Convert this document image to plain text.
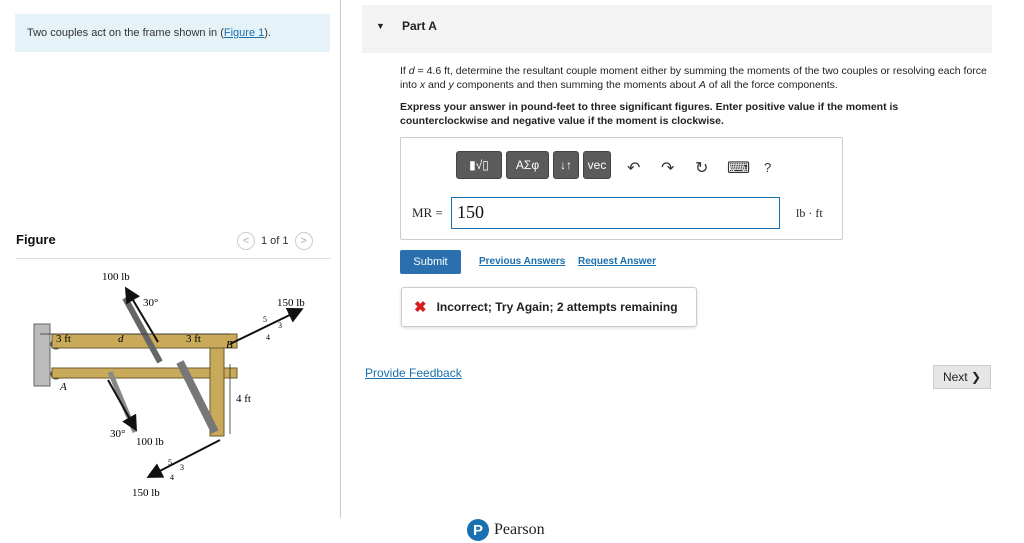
Two couples act on the frame shown in (Figure 1).
Figure	<	1 of 1	>
100 lb
30°	150 lb
5
3
4
3 ft	d	3 ft B
A
4 ft
30°
100 lb
5
3
4
150 lb
▼ Part A
If d = 4.6 ft, determine the resultant couple moment either by summing the moments of the two couples or resolving each force into x and y components and then summing the moments about A of all the force components.
Express your answer in pound-feet to three significant figures. Enter positive value if the moment is counterclockwise and negative value if the moment is clockwise.
▮√▯	ΑΣφ	↓↑	vec ↶ ↷ ↻ ⌨ ?
MR = 150	lb · ft
Submit	Previous Answers Request Answer
✖ Incorrect; Try Again; 2 attempts remaining
Provide Feedback	Next ❯
P Pearson
